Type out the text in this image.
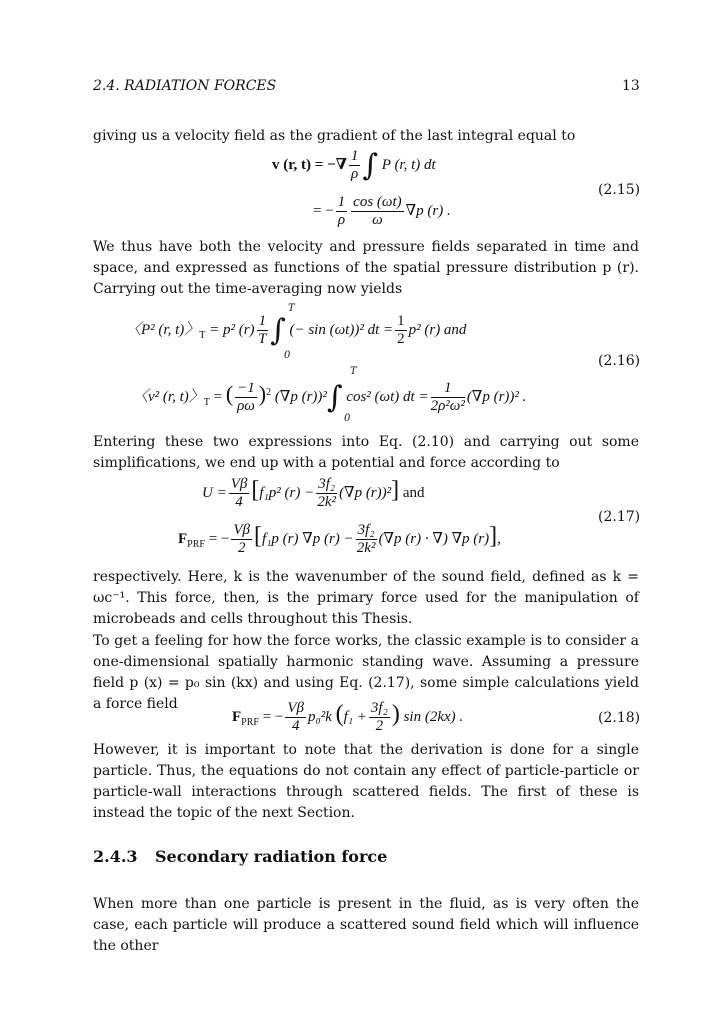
2.4. RADIATION FORCES	13
giving us a velocity field as the gradient of the last integral equal to
v (r, t) = −∇ $\frac{1}{\rho}$ ∫ P (r, t) dt
= − $\frac{1}{\rho} \frac{\cos (\omega t)}{\omega} \nabla p$ (r) .
(2.15)
We thus have both the velocity and pressure fields separated in time and space, and expressed as functions of the spatial pressure distribution p (r). Carrying out the time-averaging now yields
〈P² (r, t)〉$_T$ = p² $(r) \frac{1}{T}$ ∫ (− sin (ωt))² dt = $\frac{1}{2} p^2$ (r) and
T
0
〈v² (r, t)〉$_T$ = ( $\frac{-1}{\rho\omega} )^2$ (∇p (r))²∫ cos² (ωt) dt = $\frac{1}{\text{2ρ²ω²}} (\nabla p$ (r))² .
T
0
(2.16)
Entering these two expressions into Eq. (2.10) and carrying out some simplifications, we end up with a potential and force according to
$U = \frac{V\beta}{4} [f_1p^2$ $(r) - \frac{\text{3f₂}}{\text{2k²}} (\nabla p$ (r))²] and
$F_{PRF}$ = − $\frac{V\beta}{2} [f_1p$ (r) ∇p $(r) - \frac{\text{3f₂}}{\text{2k²}} (\nabla p$ (r) · ∇) ∇p (r)],
(2.17)
respectively. Here, k is the wavenumber of the sound field, defined as k = ωc⁻¹. This force, then, is the primary force used for the manipulation of microbeads and cells throughout this Thesis.
To get a feeling for how the force works, the classic example is to consider a one-dimensional spatially harmonic standing wave. Assuming a pressure field p (x) = p₀ sin (kx) and using Eq. (2.17), some simple calculations yield a force field
$F_{PRF}$ = − $\frac{V\beta}{4} p_0^2k$ ($f_1 + \frac{\text{3f₂}}{2}$ ) sin (2kx) .	(2.18)
However, it is important to note that the derivation is done for a single particle. Thus, the equations do not contain any effect of particle-particle or particle-wall interactions through scattered fields. The first of these is instead the topic of the next Section.
2.4.3 Secondary radiation force
When more than one particle is present in the fluid, as is very often the case, each particle will produce a scattered sound field which will influence the other
